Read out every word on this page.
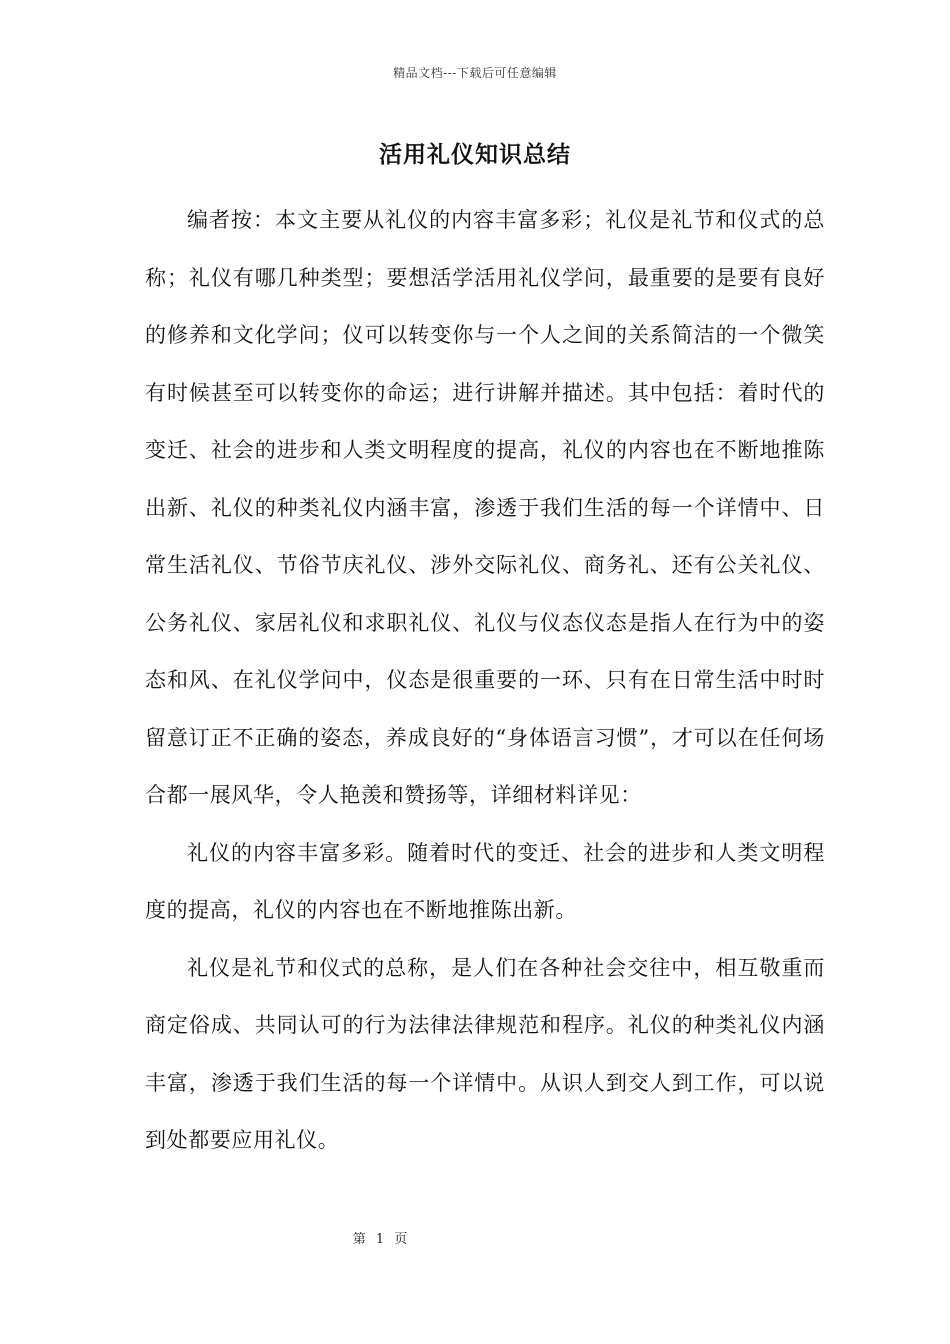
精品文档---下载后可任意编辑
活用礼仪知识总结

编者按：本文主要从礼仪的内容丰富多彩；礼仪是礼节和仪式的总称；礼仪有哪几种类型；要想活学活用礼仪学问，最重要的是要有良好的修养和文化学问；仪可以转变你与一个人之间的关系简洁的一个微笑有时候甚至可以转变你的命运；进行讲解并描述。其中包括：着时代的变迁、社会的进步和人类文明程度的提高，礼仪的内容也在不断地推陈出新、礼仪的种类礼仪内涵丰富，渗透于我们生活的每一个详情中、日常生活礼仪、节俗节庆礼仪、涉外交际礼仪、商务礼、还有公关礼仪、公务礼仪、家居礼仪和求职礼仪、礼仪与仪态仪态是指人在行为中的姿态和风、在礼仪学问中，仪态是很重要的一环、只有在日常生活中时时留意订正不正确的姿态，养成良好的“身体语言习惯”，才可以在任何场合都一展风华，令人艳羡和赞扬等，详细材料详见：

礼仪的内容丰富多彩。随着时代的变迁、社会的进步和人类文明程度的提高，礼仪的内容也在不断地推陈出新。

礼仪是礼节和仪式的总称，是人们在各种社会交往中，相互敬重而商定俗成、共同认可的行为法律法律规范和程序。礼仪的种类礼仪内涵丰富，渗透于我们生活的每一个详情中。从识人到交人到工作，可以说到处都要应用礼仪。

第 1 页
